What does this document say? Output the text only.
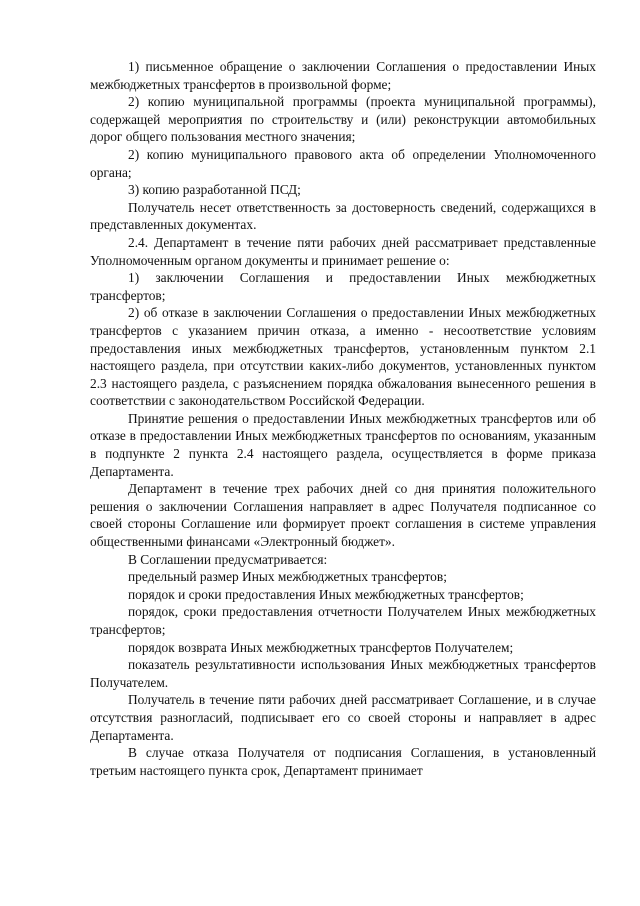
1) письменное обращение о заключении Соглашения о предоставлении Иных межбюджетных трансфертов в произвольной форме;

2) копию муниципальной программы (проекта муниципальной программы), содержащей мероприятия по строительству и (или) реконструкции автомобильных дорог общего пользования местного значения;

2) копию муниципального правового акта об определении Уполномоченного органа;

3) копию разработанной ПСД;

Получатель несет ответственность за достоверность сведений, содержащихся в представленных документах.

2.4. Департамент в течение пяти рабочих дней рассматривает представленные Уполномоченным органом документы и принимает решение о:

1) заключении Соглашения и предоставлении Иных межбюджетных трансфертов;

2) об отказе в заключении Соглашения о предоставлении Иных межбюджетных трансфертов с указанием причин отказа, а именно - несоответствие условиям предоставления иных межбюджетных трансфертов, установленным пунктом 2.1 настоящего раздела, при отсутствии каких-либо документов, установленных пунктом 2.3 настоящего раздела, с разъяснением порядка обжалования вынесенного решения в соответствии с законодательством Российской Федерации.

Принятие решения о предоставлении Иных межбюджетных трансфертов или об отказе в предоставлении Иных межбюджетных трансфертов по основаниям, указанным в подпункте 2 пункта 2.4 настоящего раздела, осуществляется в форме приказа Департамента.

Департамент в течение трех рабочих дней со дня принятия положительного решения о заключении Соглашения направляет в адрес Получателя подписанное со своей стороны Соглашение или формирует проект соглашения в системе управления общественными финансами «Электронный бюджет».

В Соглашении предусматривается:

предельный размер Иных межбюджетных трансфертов;

порядок и сроки предоставления Иных межбюджетных трансфертов;

порядок, сроки предоставления отчетности Получателем Иных межбюджетных трансфертов;

порядок возврата Иных межбюджетных трансфертов Получателем;

показатель результативности использования Иных межбюджетных трансфертов Получателем.

Получатель в течение пяти рабочих дней рассматривает Соглашение, и в случае отсутствия разногласий, подписывает его со своей стороны и направляет в адрес Департамента.

В случае отказа Получателя от подписания Соглашения, в установленный третьим настоящего пункта срок, Департамент принимает
